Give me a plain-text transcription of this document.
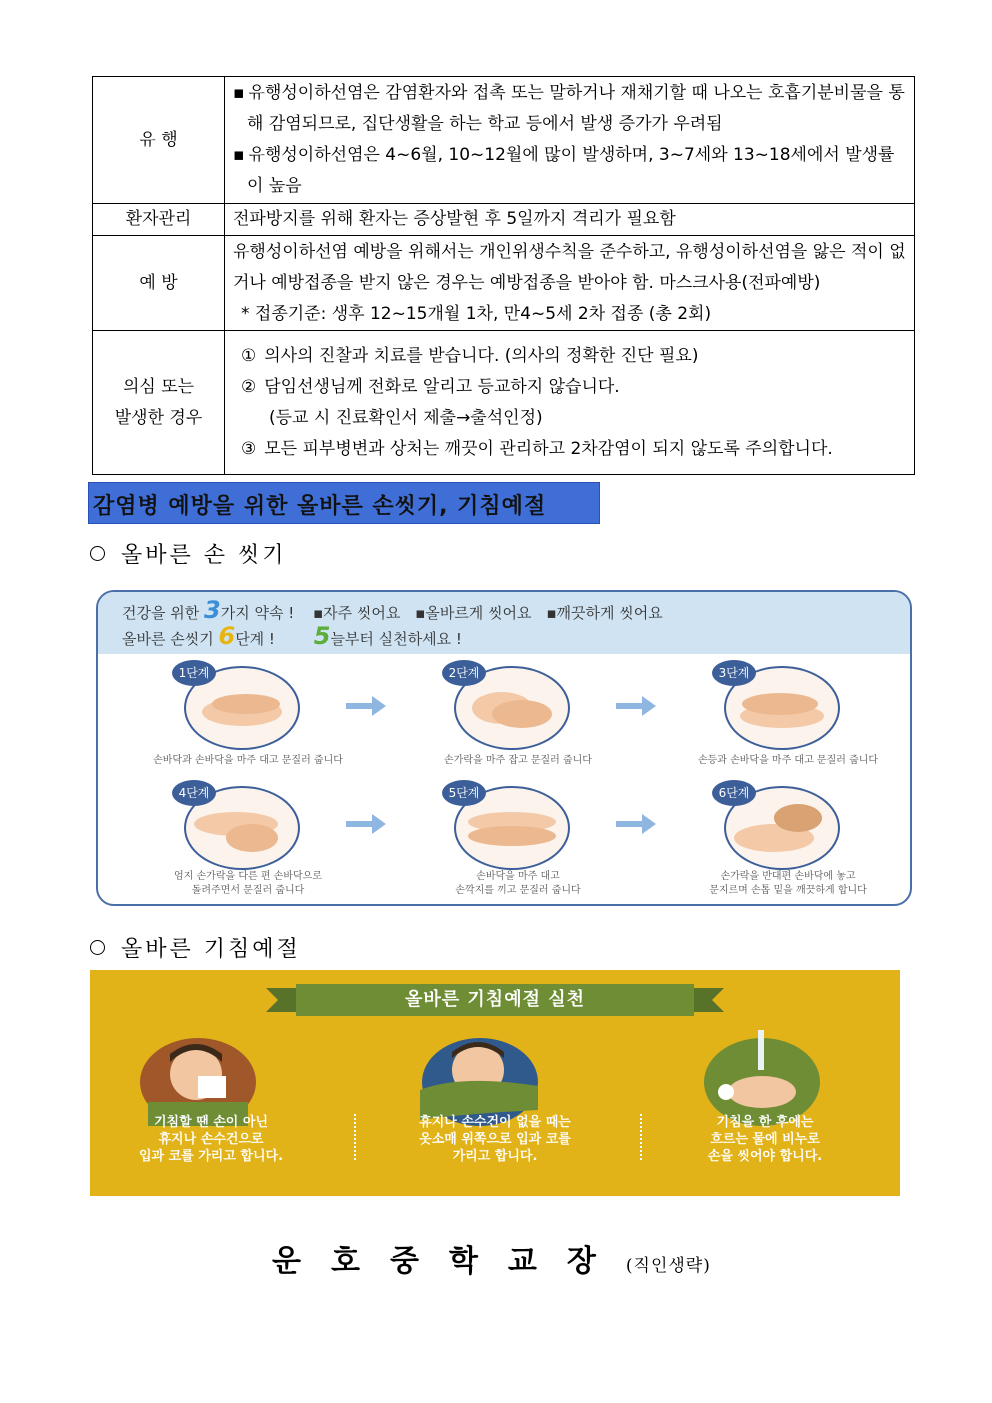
유 행	▪ 유행성이하선염은 감염환자와 접촉 또는 말하거나 재채기할 때 나오는 호흡기분비물을 통해 감염되므로, 집단생활을 하는 학교 등에서 발생 증가가 우려됨
▪ 유행성이하선염은 4~6월, 10~12월에 많이 발생하며, 3~7세와 13~18세에서 발생률이 높음

환자관리	전파방지를 위해 환자는 증상발현 후 5일까지 격리가 필요함
예 방	유행성이하선염 예방을 위해서는 개인위생수칙을 준수하고, 유행성이하선염을 앓은 적이 없거나 예방접종을 받지 않은 경우는 예방접종을 받아야 함. 마스크사용(전파예방)
* 접종기준: 생후 12~15개월 1차, 만4~5세 2차 접종 (총 2회)

의심 또는
발생한 경우	① 의사의 진찰과 치료를 받습니다. (의사의 정확한 진단 필요)
② 담임선생님께 전화로 알리고 등교하지 않습니다.
(등교 시 진료확인서 제출→출석인정)
③ 모든 피부병변과 상처는 깨끗이 관리하고 2차감염이 되지 않도록 주의합니다.
감염병 예방을 위한 올바른 손씻기, 기침예절
올바른 손 씻기
건강을 위한 3가지 약속 ! ▪자주 씻어요 ▪올바르게 씻어요 ▪깨끗하게 씻어요
올바른 손씻기 6단계 ! 5늘부터 실천하세요 !
1단계
손바닥과 손바닥을 마주 대고 문질러 줍니다
2단계
손가락을 마주 잡고 문질러 줍니다
3단계
손등과 손바닥을 마주 대고 문질러 줍니다
4단계
엄지 손가락을 다른 편 손바닥으로
돌려주면서 문질러 줍니다
5단계
손바닥을 마주 대고
손깍지를 끼고 문질러 줍니다
6단계
손가락을 반대편 손바닥에 놓고
문지르며 손톱 밑을 깨끗하게 합니다
올바른 기침예절
올바른 기침예절 실천
기침할 땐 손이 아닌
휴지나 손수건으로
입과 코를 가리고 합니다.
휴지나 손수건이 없을 때는
옷소매 위쪽으로 입과 코를
가리고 합니다.
기침을 한 후에는
흐르는 물에 비누로
손을 씻어야 합니다.
운호중학교장(직인생략)
